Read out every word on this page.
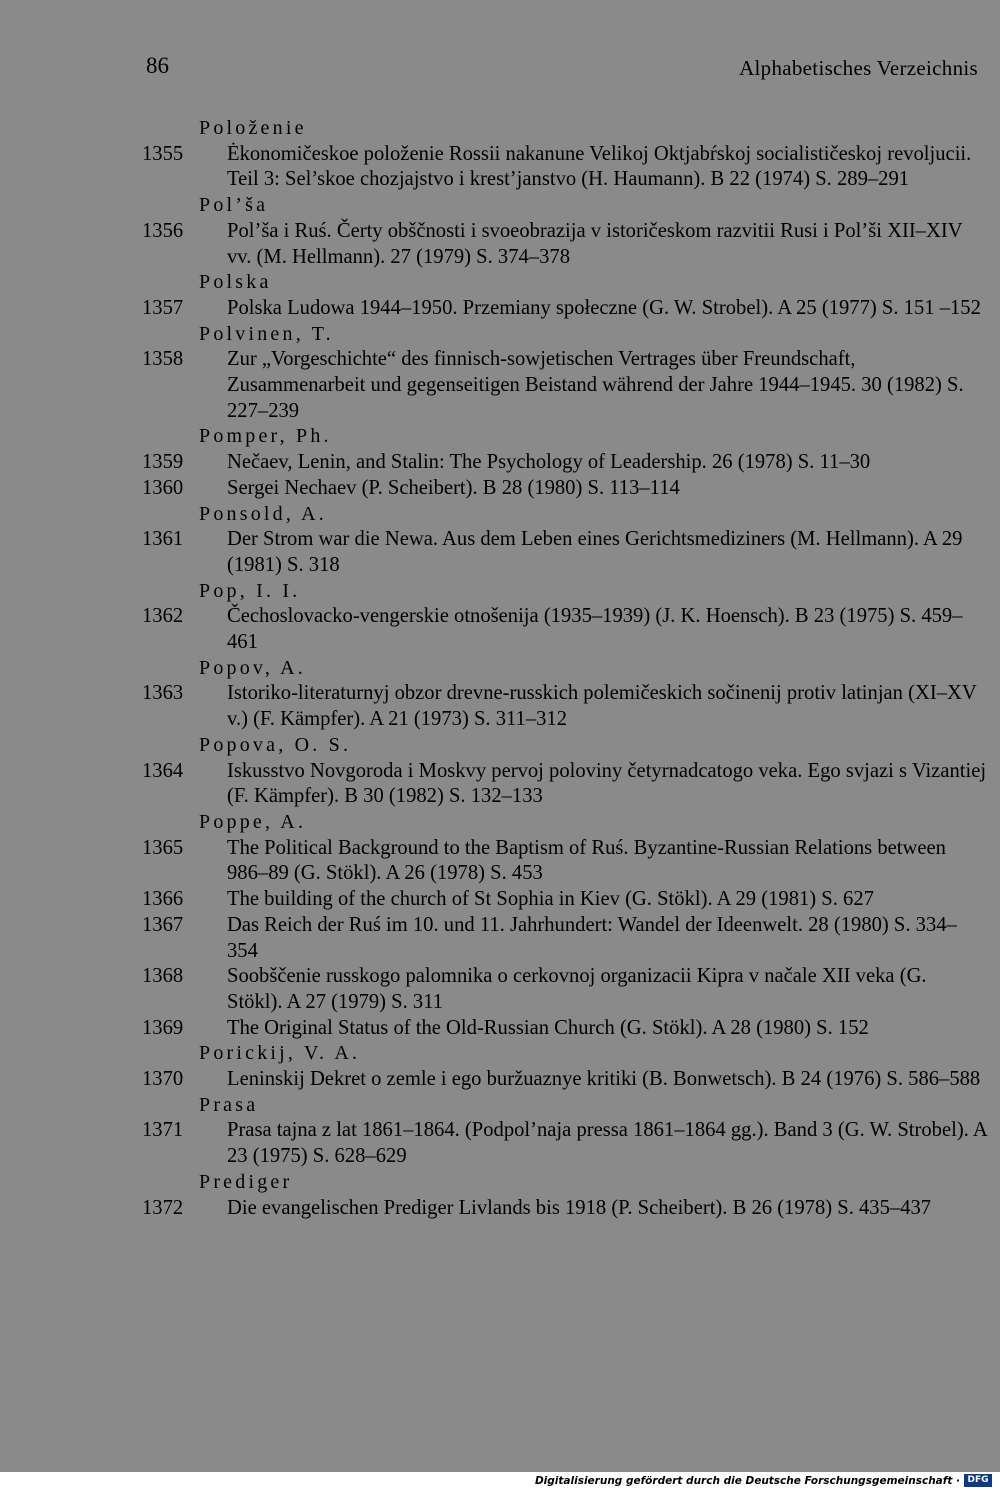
86	Alphabetisches Verzeichnis
Položenie
1355 Ėkonomičeskoe položenie Rossii nakanune Velikoj Oktjabŕskoj socialističeskoj revoljucii. Teil 3: Sel’skoe chozjajstvo i krest’janstvo (H. Haumann). B 22 (1974) S. 289–291
Pol’ša
1356 Pol’ša i Ruś. Čerty obščnosti i svoeobrazija v istoričeskom razvitii Rusi i Pol’ši XII–XIV vv. (M. Hellmann). 27 (1979) S. 374–378
Polska
1357 Polska Ludowa 1944–1950. Przemiany społeczne (G. W. Strobel). A 25 (1977) S. 151 –152
Polvinen, T.
1358 Zur „Vorgeschichte“ des finnisch-sowjetischen Vertrages über Freundschaft, Zusammenarbeit und gegenseitigen Beistand während der Jahre 1944–1945. 30 (1982) S. 227–239
Pomper, Ph.
1359 Nečaev, Lenin, and Stalin: The Psychology of Leadership. 26 (1978) S. 11–30
1360 Sergei Nechaev (P. Scheibert). B 28 (1980) S. 113–114
Ponsold, A.
1361 Der Strom war die Newa. Aus dem Leben eines Gerichtsmediziners (M. Hellmann). A 29 (1981) S. 318
Pop, I. I.
1362 Čechoslovacko-vengerskie otnošenija (1935–1939) (J. K. Hoensch). B 23 (1975) S. 459–461
Popov, A.
1363 Istoriko-literaturnyj obzor drevne-russkich polemičeskich sočinenij protiv latinjan (XI–XV v.) (F. Kämpfer). A 21 (1973) S. 311–312
Popova, O. S.
1364 Iskusstvo Novgoroda i Moskvy pervoj poloviny četyrnadcatogo veka. Ego svjazi s Vizantiej (F. Kämpfer). B 30 (1982) S. 132–133
Poppe, A.
1365 The Political Background to the Baptism of Ruś. Byzantine-Russian Relations between 986–89 (G. Stökl). A 26 (1978) S. 453
1366 The building of the church of St Sophia in Kiev (G. Stökl). A 29 (1981) S. 627
1367 Das Reich der Ruś im 10. und 11. Jahrhundert: Wandel der Ideenwelt. 28 (1980) S. 334–354
1368 Soobščenie russkogo palomnika o cerkovnoj organizacii Kipra v načale XII veka (G. Stökl). A 27 (1979) S. 311
1369 The Original Status of the Old-Russian Church (G. Stökl). A 28 (1980) S. 152
Porickij, V. A.
1370 Leninskij Dekret o zemle i ego buržuaznye kritiki (B. Bonwetsch). B 24 (1976) S. 586–588
Prasa
1371 Prasa tajna z lat 1861–1864. (Podpol’naja pressa 1861–1864 gg.). Band 3 (G. W. Strobel). A 23 (1975) S. 628–629
Prediger
1372 Die evangelischen Prediger Livlands bis 1918 (P. Scheibert). B 26 (1978) S. 435–437
Digitalisierung gefördert durch die Deutsche Forschungsgemeinschaft · DFG
